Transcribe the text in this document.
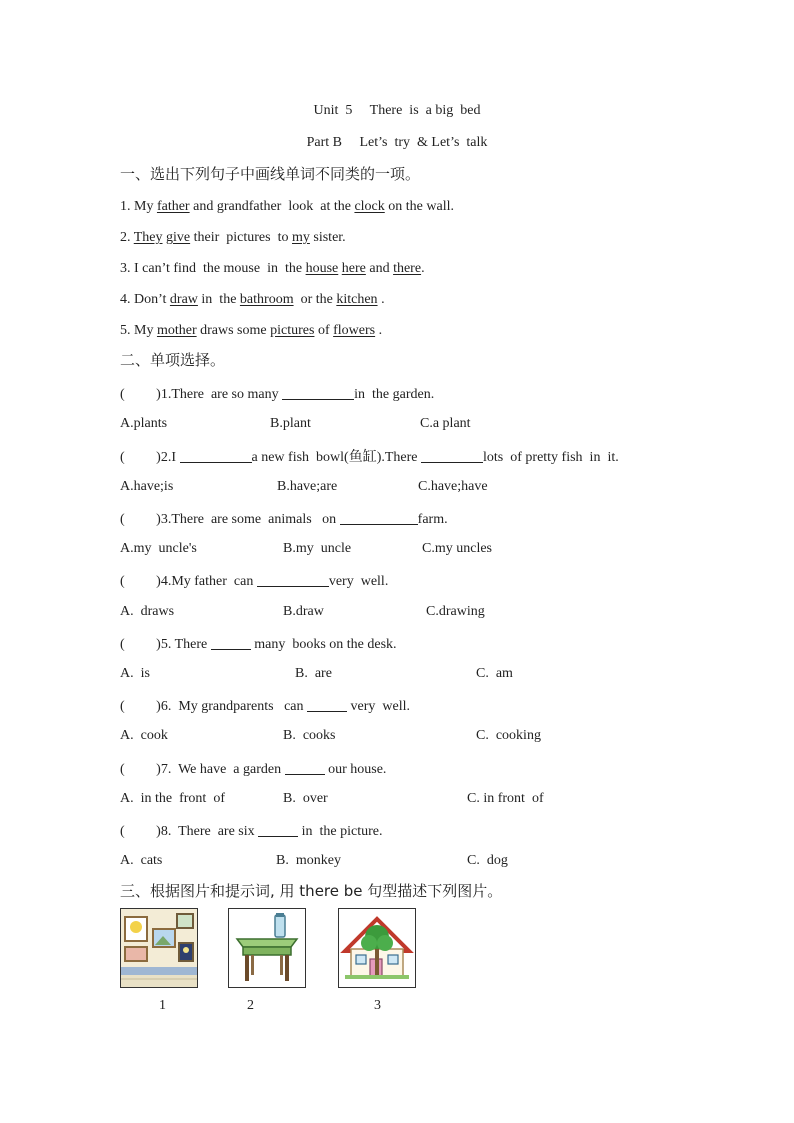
Unit  5     There  is  a big  bed
Part B     Let’s  try  & Let’s  talk
一、选出下列句子中画线单词不同类的一项。
1. My father and grandfather  look  at the clock on the wall.
2. They give their  pictures  to my sister.
3. I can’t find  the mouse  in  the house here and there.
4. Don’t draw in  the bathroom  or the kitchen .
5. My mother draws some pictures of flowers .
二、单项选择。
(         )1.There  are so many	in  the garden.
A.plants	B.plant	C.a plant
(         )2.I	a new fish  bowl(鱼缸).There	lots  of pretty fish  in  it.
A.have;is	B.have;are	C.have;have
(         )3.There  are some  animals   on	farm.
A.my  uncle's	B.my  uncle	C.my uncles
(         )4.My father  can	very  well.
A.  draws	B.draw	C.drawing
(         )5. There	many  books on the desk.
A.  is	B.  are	C.  am
(         )6.  My grandparents   can	very  well.
A.  cook	B.  cooks	C.  cooking
(         )7.  We have  a garden	our house.
A.  in the  front  of	B.  over	C. in front  of
(         )8.  There  are six	in  the picture.
A.  cats	B.  monkey	C.  dog
三、根据图片和提示词, 用 there be 句型描述下列图片。
1	2	3
